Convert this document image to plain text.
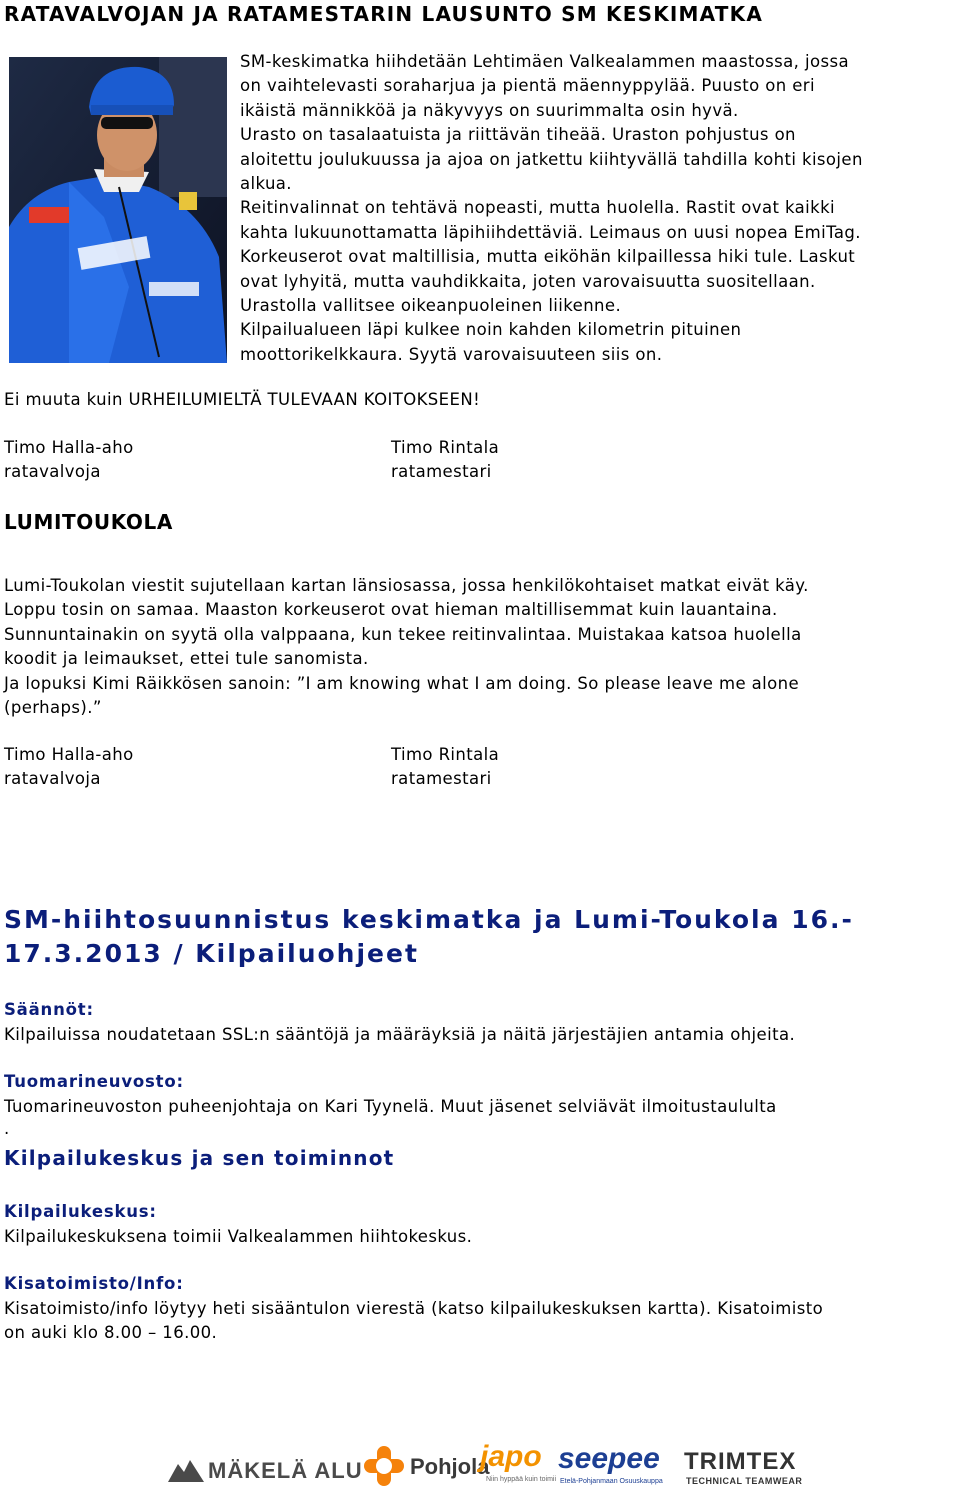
RATAVALVOJAN JA RATAMESTARIN LAUSUNTO SM KESKIMATKA
SM-keskimatka hiihdetään Lehtimäen Valkealammen maastossa, jossa
on vaihtelevasti soraharjua ja pientä mäennyppylää. Puusto on eri
ikäistä männikköä ja näkyvyys on suurimmalta osin hyvä.
Urasto on tasalaatuista ja riittävän tiheää. Uraston pohjustus on
aloitettu joulukuussa ja ajoa on jatkettu kiihtyvällä tahdilla kohti kisojen
alkua.
Reitinvalinnat on tehtävä nopeasti, mutta huolella. Rastit ovat kaikki
kahta lukuunottamatta läpihiihdettäviä. Leimaus on uusi nopea EmiTag.
Korkeuserot ovat maltillisia, mutta eiköhän kilpaillessa hiki tule. Laskut
ovat lyhyitä, mutta vauhdikkaita, joten varovaisuutta suositellaan.
Urastolla vallitsee oikeanpuoleinen liikenne.
Kilpailualueen läpi kulkee noin kahden kilometrin pituinen
moottorikelkkaura. Syytä varovaisuuteen siis on.
Ei muuta kuin URHEILUMIELTÄ TULEVAAN KOITOKSEEN!
Timo Halla-aho
ratavalvoja
Timo Rintala
ratamestari
LUMITOUKOLA
Lumi-Toukolan viestit sujutellaan kartan länsiosassa, jossa henkilökohtaiset matkat eivät käy.
Loppu tosin on samaa. Maaston korkeuserot ovat hieman maltillisemmat kuin lauantaina.
Sunnuntainakin on syytä olla valppaana, kun tekee reitinvalintaa. Muistakaa katsoa huolella
koodit ja leimaukset, ettei tule sanomista.
Ja lopuksi Kimi Räikkösen sanoin: ”I am knowing what I am doing. So please leave me alone
(perhaps).”
Timo Halla-aho
ratavalvoja
Timo Rintala
ratamestari
SM-hiihtosuunnistus keskimatka ja Lumi-Toukola 16.-
17.3.2013 / Kilpailuohjeet
Säännöt:
Kilpailuissa noudatetaan SSL:n sääntöjä ja määräyksiä ja näitä järjestäjien antamia ohjeita.
Tuomarineuvosto:
Tuomarineuvoston puheenjohtaja on Kari Tyynelä. Muut jäsenet selviävät ilmoitustaululta
.
Kilpailukeskus ja sen toiminnot
Kilpailukeskus:
Kilpailukeskuksena toimii Valkealammen hiihtokeskus.
Kisatoimisto/Info:
Kisatoimisto/info löytyy heti sisääntulon vierestä (katso kilpailukeskuksen kartta). Kisatoimisto
on auki klo 8.00 – 16.00.
MÄKELÄ ALU Pohjola
japo
Niin hyppää kuin toimii
seepee
Etelä-Pohjanmaan Osuuskauppa
TRIMTEX
TECHNICAL TEAMWEAR
